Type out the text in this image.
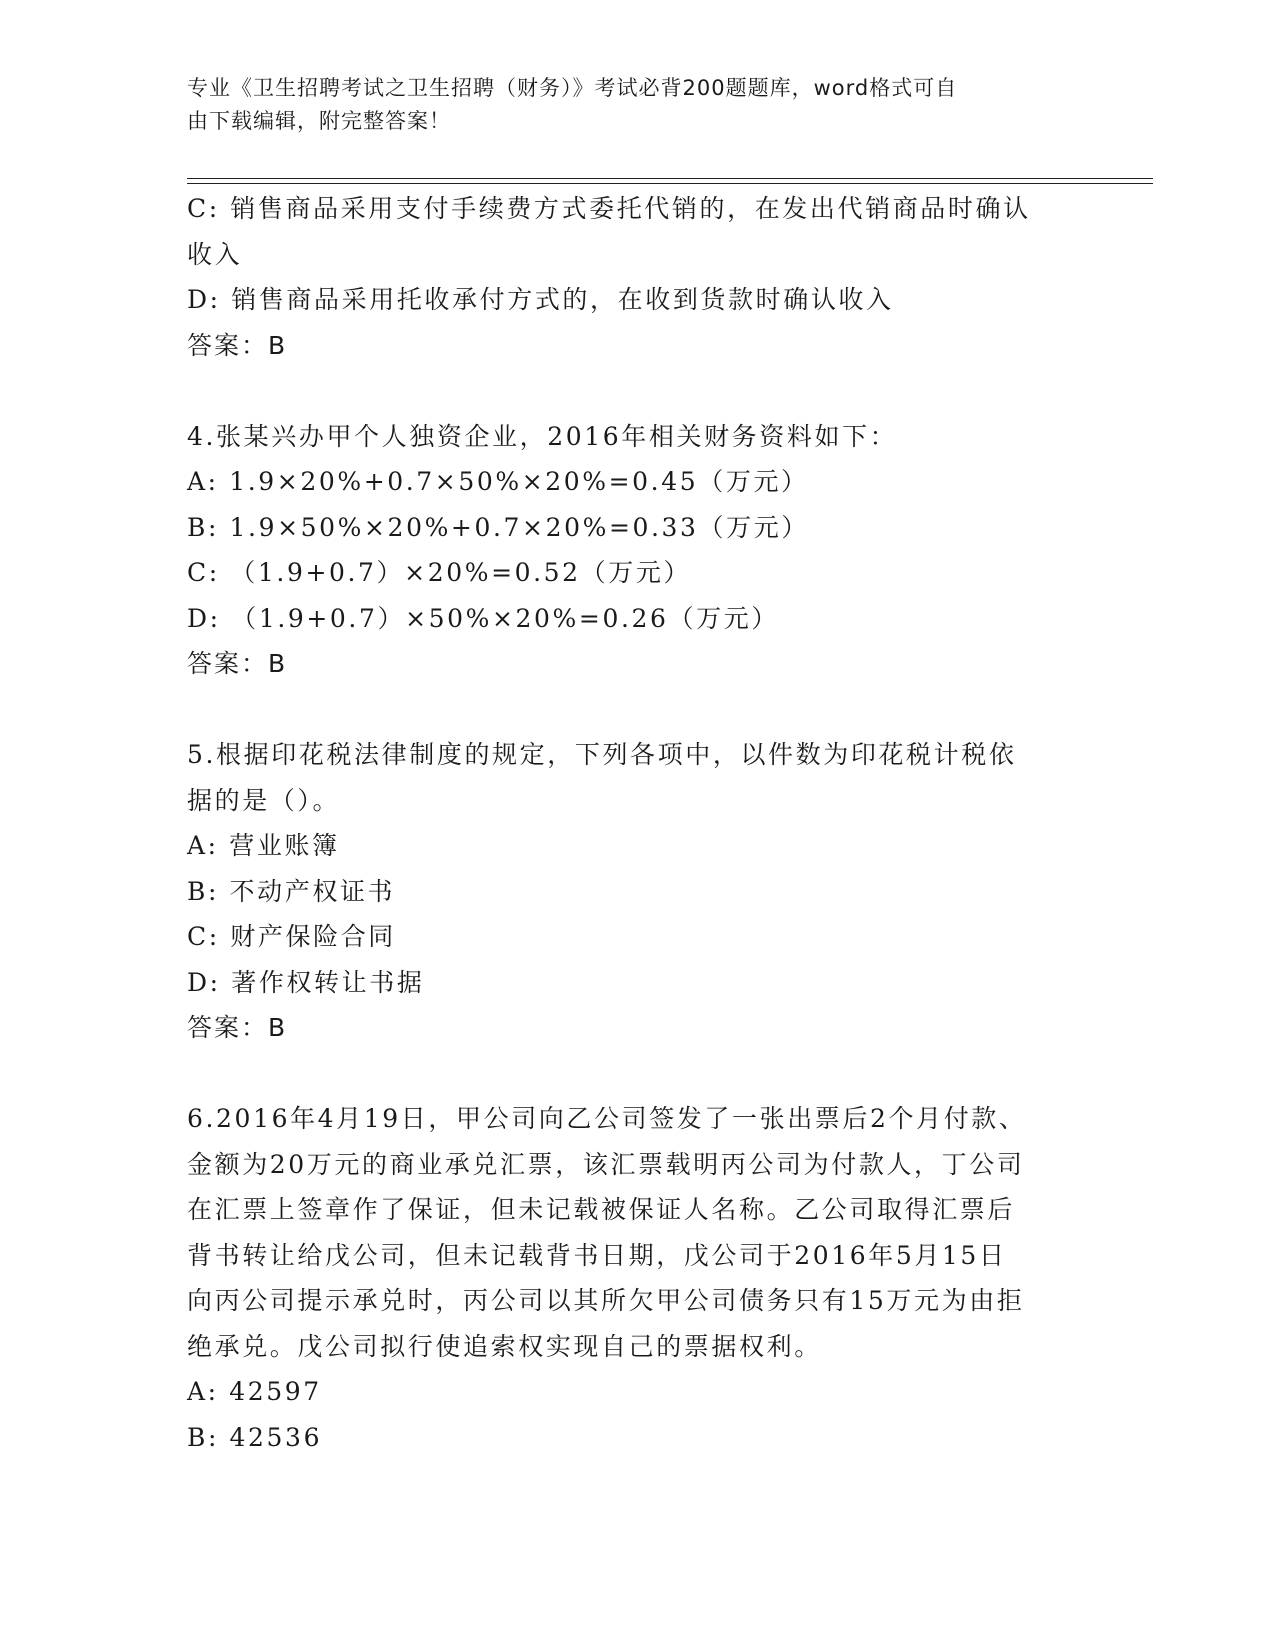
专业《卫生招聘考试之卫生招聘（财务）》考试必背200题题库，word格式可自
由下载编辑，附完整答案！
C: 销售商品采用支付手续费方式委托代销的，在发出代销商品时确认
收入
D: 销售商品采用托收承付方式的，在收到货款时确认收入
答案：B
4.张某兴办甲个人独资企业，2016年相关财务资料如下：
A: 1.9×20%+0.7×50%×20%=0.45（万元）
B: 1.9×50%×20%+0.7×20%=0.33（万元）
C: （1.9+0.7）×20%=0.52（万元）
D: （1.9+0.7）×50%×20%=0.26（万元）
答案：B
5.根据印花税法律制度的规定，下列各项中，以件数为印花税计税依
据的是（）。
A: 营业账簿
B: 不动产权证书
C: 财产保险合同
D: 著作权转让书据
答案：B
6.2016年4月19日，甲公司向乙公司签发了一张出票后2个月付款、
金额为20万元的商业承兑汇票，该汇票载明丙公司为付款人，丁公司
在汇票上签章作了保证，但未记载被保证人名称。乙公司取得汇票后
背书转让给戊公司，但未记载背书日期，戊公司于2016年5月15日
向丙公司提示承兑时，丙公司以其所欠甲公司债务只有15万元为由拒
绝承兑。戊公司拟行使追索权实现自己的票据权利。
A: 42597
B: 42536
